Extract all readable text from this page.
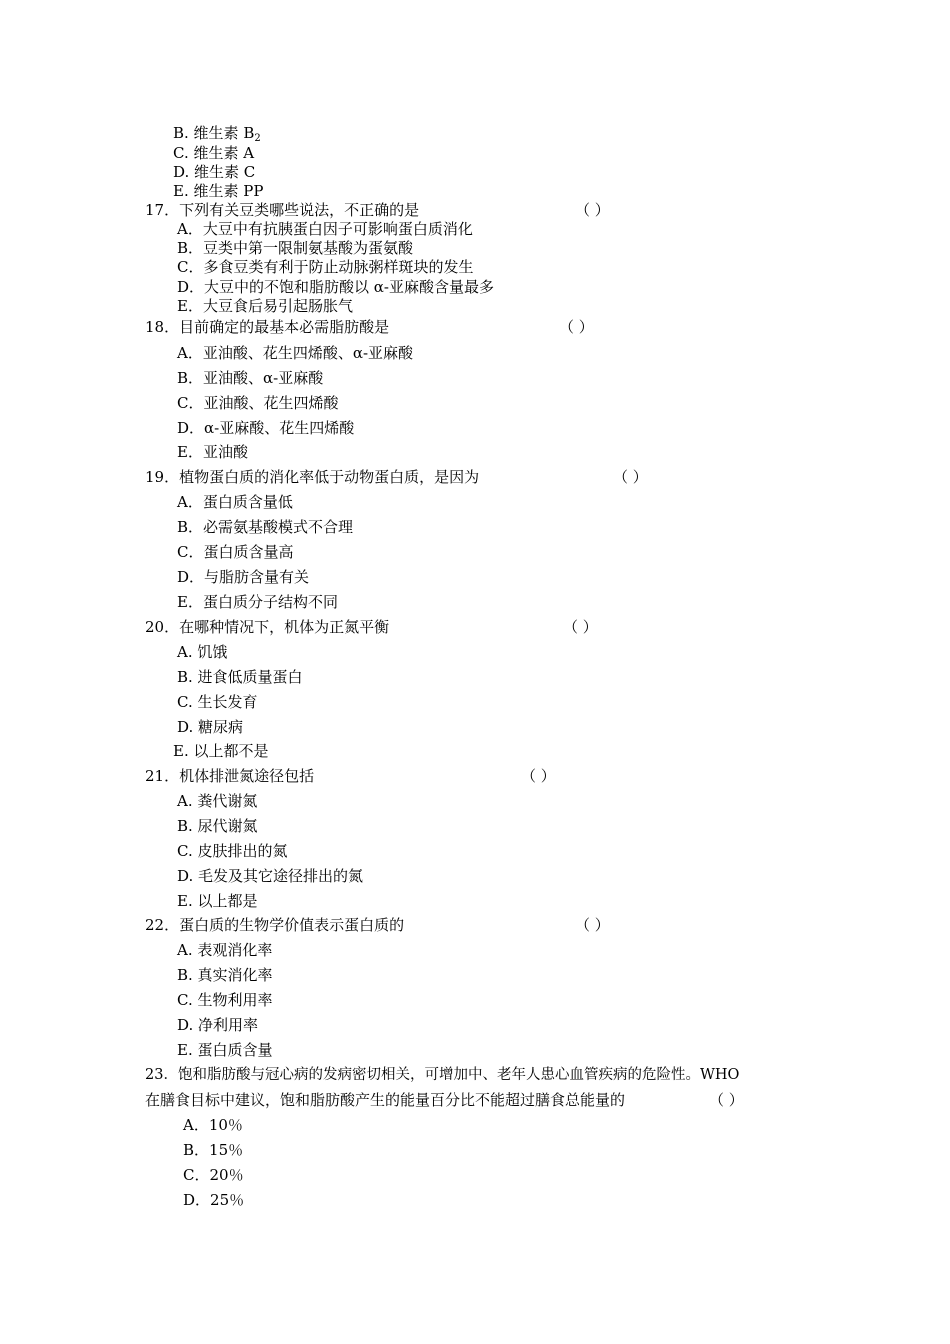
B. 维生素 $B_2$
C. 维生素 A
D. 维生素 C
E. 维生素 PP
17．下列有关豆类哪些说法，不正确的是	（ ）
A．大豆中有抗胰蛋白因子可影响蛋白质消化
B．豆类中第一限制氨基酸为蛋氨酸
C．多食豆类有利于防止动脉粥样斑块的发生
D．大豆中的不饱和脂肪酸以 α-亚麻酸含量最多
E．大豆食后易引起肠胀气
18．目前确定的最基本必需脂肪酸是	（ ）
A．亚油酸、花生四烯酸、α-亚麻酸
B．亚油酸、α-亚麻酸
C．亚油酸、花生四烯酸
D．α-亚麻酸、花生四烯酸
E．亚油酸
19．植物蛋白质的消化率低于动物蛋白质，是因为	（ ）
A．蛋白质含量低
B．必需氨基酸模式不合理
C．蛋白质含量高
D．与脂肪含量有关
E．蛋白质分子结构不同
20．在哪种情况下，机体为正氮平衡	（ ）
A. 饥饿
B. 进食低质量蛋白
C. 生长发育
D. 糖尿病
E. 以上都不是
21．机体排泄氮途径包括	（ ）
A. 粪代谢氮
B. 尿代谢氮
C. 皮肤排出的氮
D. 毛发及其它途径排出的氮
E. 以上都是
22．蛋白质的生物学价值表示蛋白质的	（ ）
A. 表观消化率
B. 真实消化率
C. 生物利用率
D. 净利用率
E. 蛋白质含量
23．饱和脂肪酸与冠心病的发病密切相关，可增加中、老年人患心血管疾病的危险性。WHO
在膳食目标中建议，饱和脂肪酸产生的能量百分比不能超过膳食总能量的	（ ）
A．10％
B．15％
C．20％
D．25％
